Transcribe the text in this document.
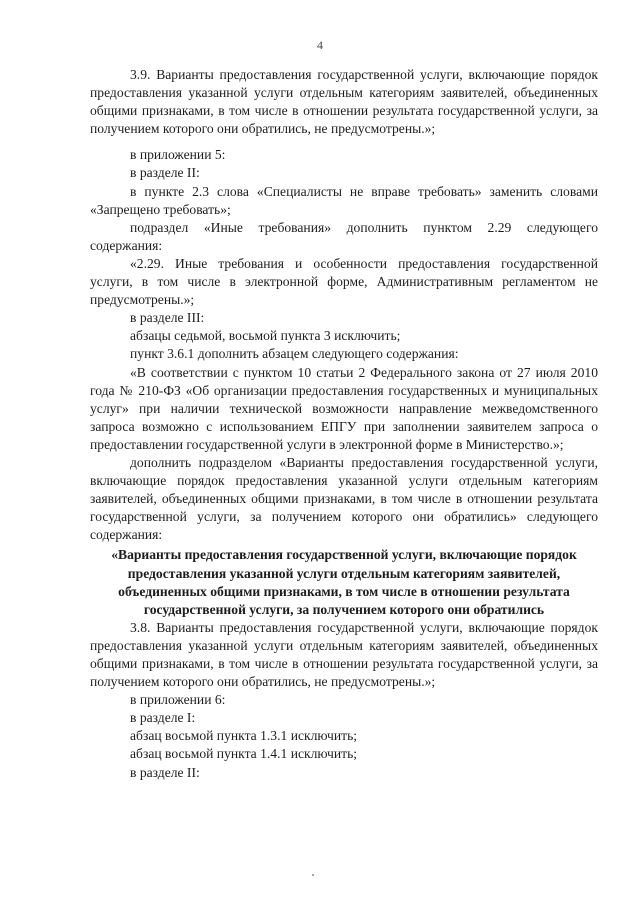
4

3.9. Варианты предоставления государственной услуги, включающие порядок предоставления указанной услуги отдельным категориям заявителей, объединенных общими признаками, в том числе в отношении результата государственной услуги, за получением которого они обратились, не предусмотрены.»;

в приложении 5:

в разделе II:

в пункте 2.3 слова «Специалисты не вправе требовать» заменить словами «Запрещено требовать»;

подраздел «Иные требования» дополнить пунктом 2.29 следующего содержания:

«2.29. Иные требования и особенности предоставления государственной услуги, в том числе в электронной форме, Административным регламентом не предусмотрены.»;

в разделе III:

абзацы седьмой, восьмой пункта 3 исключить;

пункт 3.6.1 дополнить абзацем следующего содержания:

«В соответствии с пунктом 10 статьи 2 Федерального закона от 27 июля 2010 года № 210-ФЗ «Об организации предоставления государственных и муниципальных услуг» при наличии технической возможности направление межведомственного запроса возможно с использованием ЕПГУ при заполнении заявителем запроса о предоставлении государственной услуги в электронной форме в Министерство.»;

дополнить подразделом «Варианты предоставления государственной услуги, включающие порядок предоставления указанной услуги отдельным категориям заявителей, объединенных общими признаками, в том числе в отношении результата государственной услуги, за получением которого они обратились» следующего содержания:

«Варианты предоставления государственной услуги, включающие порядок предоставления указанной услуги отдельным категориям заявителей, объединенных общими признаками, в том числе в отношении результата государственной услуги, за получением которого они обратились

3.8. Варианты предоставления государственной услуги, включающие порядок предоставления указанной услуги отдельным категориям заявителей, объединенных общими признаками, в том числе в отношении результата государственной услуги, за получением которого они обратились, не предусмотрены.»;

в приложении 6:

в разделе I:

абзац восьмой пункта 1.3.1 исключить;

абзац восьмой пункта 1.4.1 исключить;

в разделе II:
